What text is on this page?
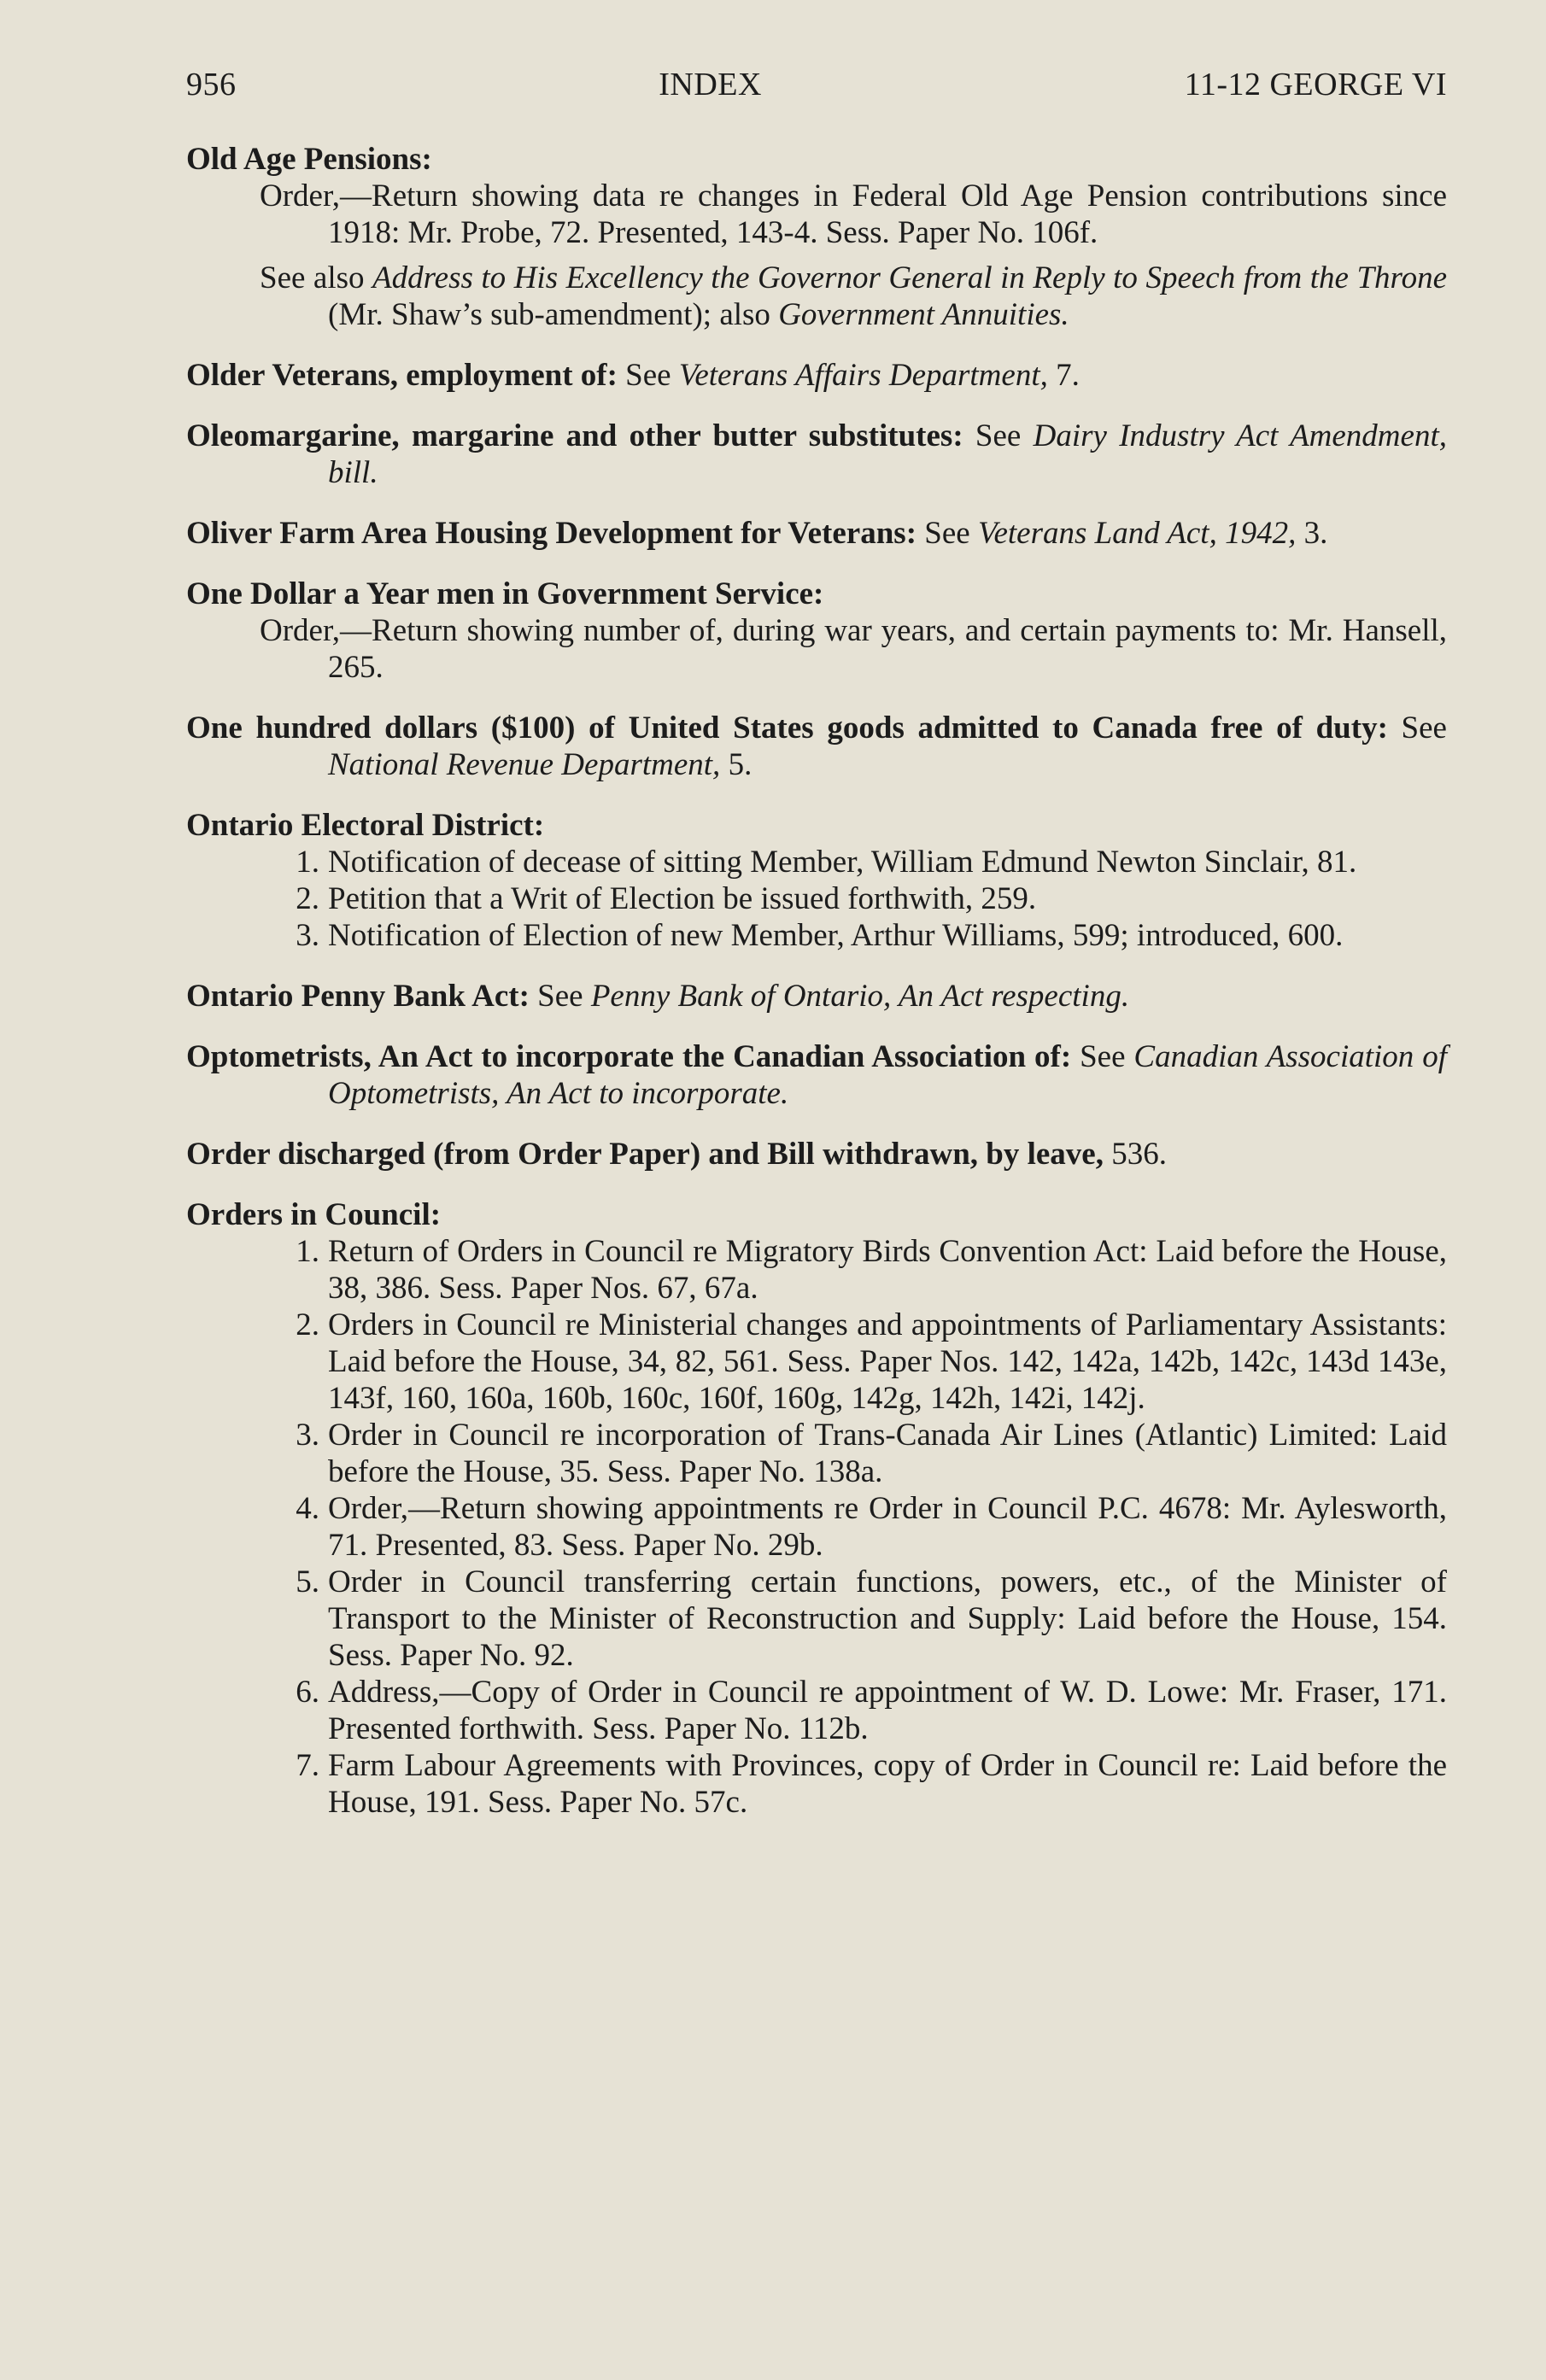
956	INDEX	11-12 GEORGE VI
Old Age Pensions:
Order,—Return showing data re changes in Federal Old Age Pension contributions since 1918: Mr. Probe, 72. Presented, 143-4. Sess. Paper No. 106f.
See also Address to His Excellency the Governor General in Reply to Speech from the Throne (Mr. Shaw’s sub-amendment); also Government Annuities.
Older Veterans, employment of: See Veterans Affairs Department, 7.
Oleomargarine, margarine and other butter substitutes: See Dairy Industry Act Amendment, bill.
Oliver Farm Area Housing Development for Veterans: See Veterans Land Act, 1942, 3.
One Dollar a Year men in Government Service:
Order,—Return showing number of, during war years, and certain payments to: Mr. Hansell, 265.
One hundred dollars ($100) of United States goods admitted to Canada free of duty: See National Revenue Department, 5.
Ontario Electoral District:
1. Notification of decease of sitting Member, William Edmund Newton Sinclair, 81.
2. Petition that a Writ of Election be issued forthwith, 259.
3. Notification of Election of new Member, Arthur Williams, 599; introduced, 600.
Ontario Penny Bank Act: See Penny Bank of Ontario, An Act respecting.
Optometrists, An Act to incorporate the Canadian Association of: See Canadian Association of Optometrists, An Act to incorporate.
Order discharged (from Order Paper) and Bill withdrawn, by leave, 536.
Orders in Council:
1. Return of Orders in Council re Migratory Birds Convention Act: Laid before the House, 38, 386. Sess. Paper Nos. 67, 67a.
2. Orders in Council re Ministerial changes and appointments of Parliamentary Assistants: Laid before the House, 34, 82, 561. Sess. Paper Nos. 142, 142a, 142b, 142c, 143d 143e, 143f, 160, 160a, 160b, 160c, 160f, 160g, 142g, 142h, 142i, 142j.
3. Order in Council re incorporation of Trans-Canada Air Lines (Atlantic) Limited: Laid before the House, 35. Sess. Paper No. 138a.
4. Order,—Return showing appointments re Order in Council P.C. 4678: Mr. Aylesworth, 71. Presented, 83. Sess. Paper No. 29b.
5. Order in Council transferring certain functions, powers, etc., of the Minister of Transport to the Minister of Reconstruction and Supply: Laid before the House, 154. Sess. Paper No. 92.
6. Address,—Copy of Order in Council re appointment of W. D. Lowe: Mr. Fraser, 171. Presented forthwith. Sess. Paper No. 112b.
7. Farm Labour Agreements with Provinces, copy of Order in Council re: Laid before the House, 191. Sess. Paper No. 57c.
